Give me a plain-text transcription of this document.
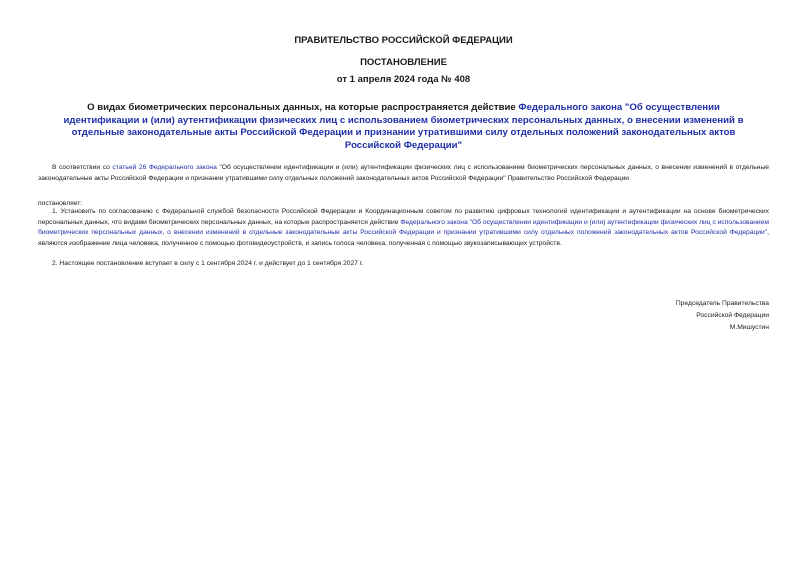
ПРАВИТЕЛЬСТВО РОССИЙСКОЙ ФЕДЕРАЦИИ
ПОСТАНОВЛЕНИЕ
от 1 апреля 2024 года № 408
О видах биометрических персональных данных, на которые распространяется действие Федерального закона "Об осуществлении идентификации и (или) аутентификации физических лиц с использованием биометрических персональных данных, о внесении изменений в отдельные законодательные акты Российской Федерации и признании утратившими силу отдельных положений законодательных актов Российской Федерации"
В соответствии со статьей 26 Федерального закона "Об осуществлении идентификации и (или) аутентификации физических лиц с использованием биометрических персональных данных, о внесении изменений в отдельные законодательные акты Российской Федерации и признании утратившими силу отдельных положений законодательных актов Российской Федерации" Правительство Российской Федерации
постановляет:
1. Установить по согласованию с Федеральной службой безопасности Российской Федерации и Координационным советом по развитию цифровых технологий идентификации и аутентификации на основе биометрических персональных данных, что видами биометрических персональных данных, на которые распространяется действие Федерального закона "Об осуществлении идентификации и (или) аутентификации физических лиц с использованием биометрических персональных данных, о внесении изменений в отдельные законодательные акты Российской Федерации и признании утратившими силу отдельных положений законодательных актов Российской Федерации", являются изображение лица человека, полученное с помощью фотовидеоустройств, и запись голоса человека, полученная с помощью звукозаписывающих устройств.
2. Настоящее постановление вступает в силу с 1 сентября 2024 г. и действует до 1 сентября 2027 г.
Председатель Правительства
Российской Федерации
М.Мишустин
